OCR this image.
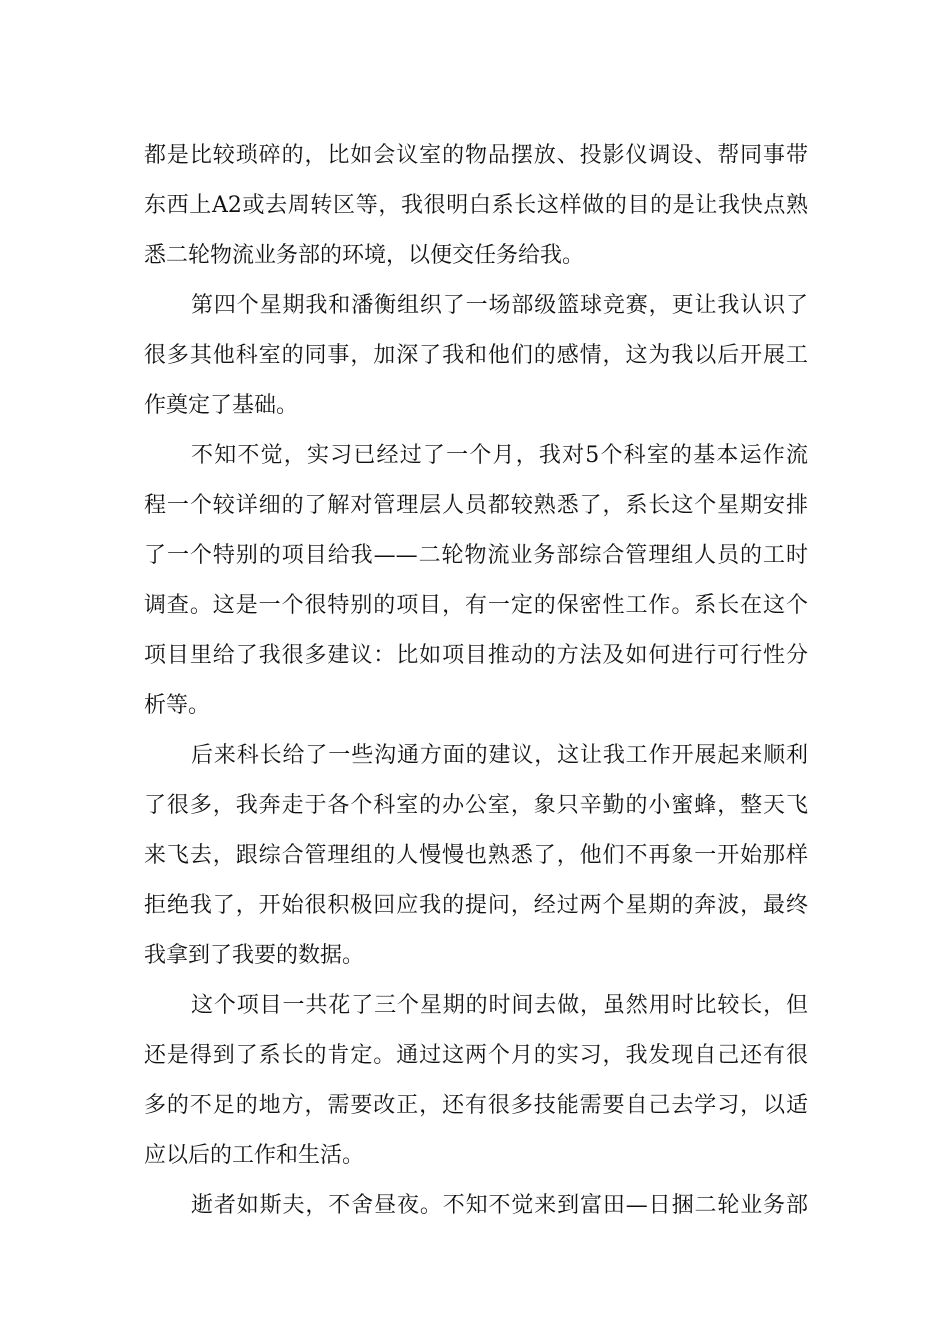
都是比较琐碎的，比如会议室的物品摆放、投影仪调设、帮同事带
东西上A2或去周转区等，我很明白系长这样做的目的是让我快点熟
悉二轮物流业务部的环境，以便交任务给我。
第四个星期我和潘衡组织了一场部级篮球竞赛，更让我认识了
很多其他科室的同事，加深了我和他们的感情，这为我以后开展工
作奠定了基础。
不知不觉，实习已经过了一个月，我对5个科室的基本运作流
程一个较详细的了解对管理层人员都较熟悉了，系长这个星期安排
了一个特别的项目给我——二轮物流业务部综合管理组人员的工时
调查。这是一个很特别的项目，有一定的保密性工作。系长在这个
项目里给了我很多建议：比如项目推动的方法及如何进行可行性分
析等。
后来科长给了一些沟通方面的建议，这让我工作开展起来顺利
了很多，我奔走于各个科室的办公室，象只辛勤的小蜜蜂，整天飞
来飞去，跟综合管理组的人慢慢也熟悉了，他们不再象一开始那样
拒绝我了，开始很积极回应我的提问，经过两个星期的奔波，最终
我拿到了我要的数据。
这个项目一共花了三个星期的时间去做，虽然用时比较长，但
还是得到了系长的肯定。通过这两个月的实习，我发现自己还有很
多的不足的地方，需要改正，还有很多技能需要自己去学习，以适
应以后的工作和生活。
逝者如斯夫，不舍昼夜。不知不觉来到富田—日捆二轮业务部
